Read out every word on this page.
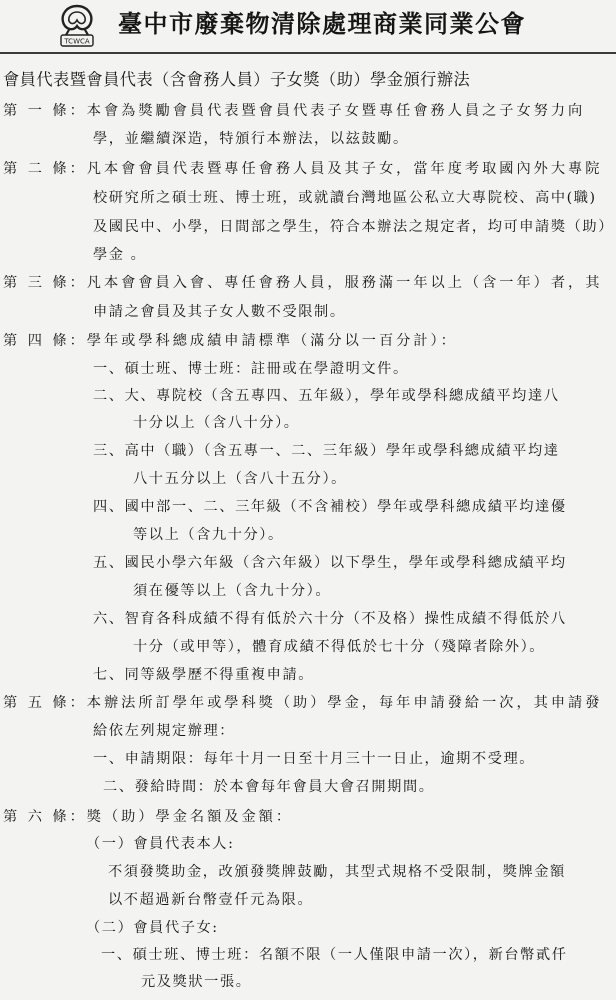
TCWCA
臺中市廢棄物清除處理商業同業公會
會員代表暨會員代表（含會務人員）子女獎（助）學金頒行辦法
第 一 條：本會為獎勵會員代表暨會員代表子女暨專任會務人員之子女努力向
學，並繼續深造，特頒行本辦法，以玆鼓勵。
第 二 條：凡本會會員代表暨專任會務人員及其子女，當年度考取國內外大專院
校研究所之碩士班、博士班，或就讀台灣地區公私立大專院校、高中(職)
及國民中、小學，日間部之學生，符合本辦法之規定者，均可申請獎（助）
學金 。
第 三 條：凡本會會員入會、專任會務人員，服務滿一年以上（含一年）者，其
申請之會員及其子女人數不受限制。
第 四 條：學年或學科總成績申請標準（滿分以一百分計）：
一、碩士班、博士班：註冊或在學證明文件。
二、大、專院校（含五專四、五年級），學年或學科總成績平均達八
十分以上（含八十分）。
三、高中（職）（含五專一、二、三年級）學年或學科總成績平均達
八十五分以上（含八十五分）。
四、國中部一、二、三年級（不含補校）學年或學科總成績平均達優
等以上（含九十分）。
五、國民小學六年級（含六年級）以下學生，學年或學科總成績平均
須在優等以上（含九十分）。
六、智育各科成績不得有低於六十分（不及格）操性成績不得低於八
十分（或甲等），體育成績不得低於七十分（殘障者除外）。
七、同等級學歷不得重複申請。
第 五 條：本辦法所訂學年或學科獎（助）學金，每年申請發給一次，其申請發
給依左列規定辦理：
一、申請期限：每年十月一日至十月三十一日止，逾期不受理。
二、發給時間：於本會每年會員大會召開期間。
第 六 條：獎（助）學金名額及金額：
（一）會員代表本人:
不須發獎助金，改頒發獎牌鼓勵，其型式規格不受限制，獎牌金額
以不超過新台幣壹仟元為限。
（二）會員代子女:
一、碩士班、博士班：名額不限（一人僅限申請一次），新台幣貳仟
元及獎狀一張。
